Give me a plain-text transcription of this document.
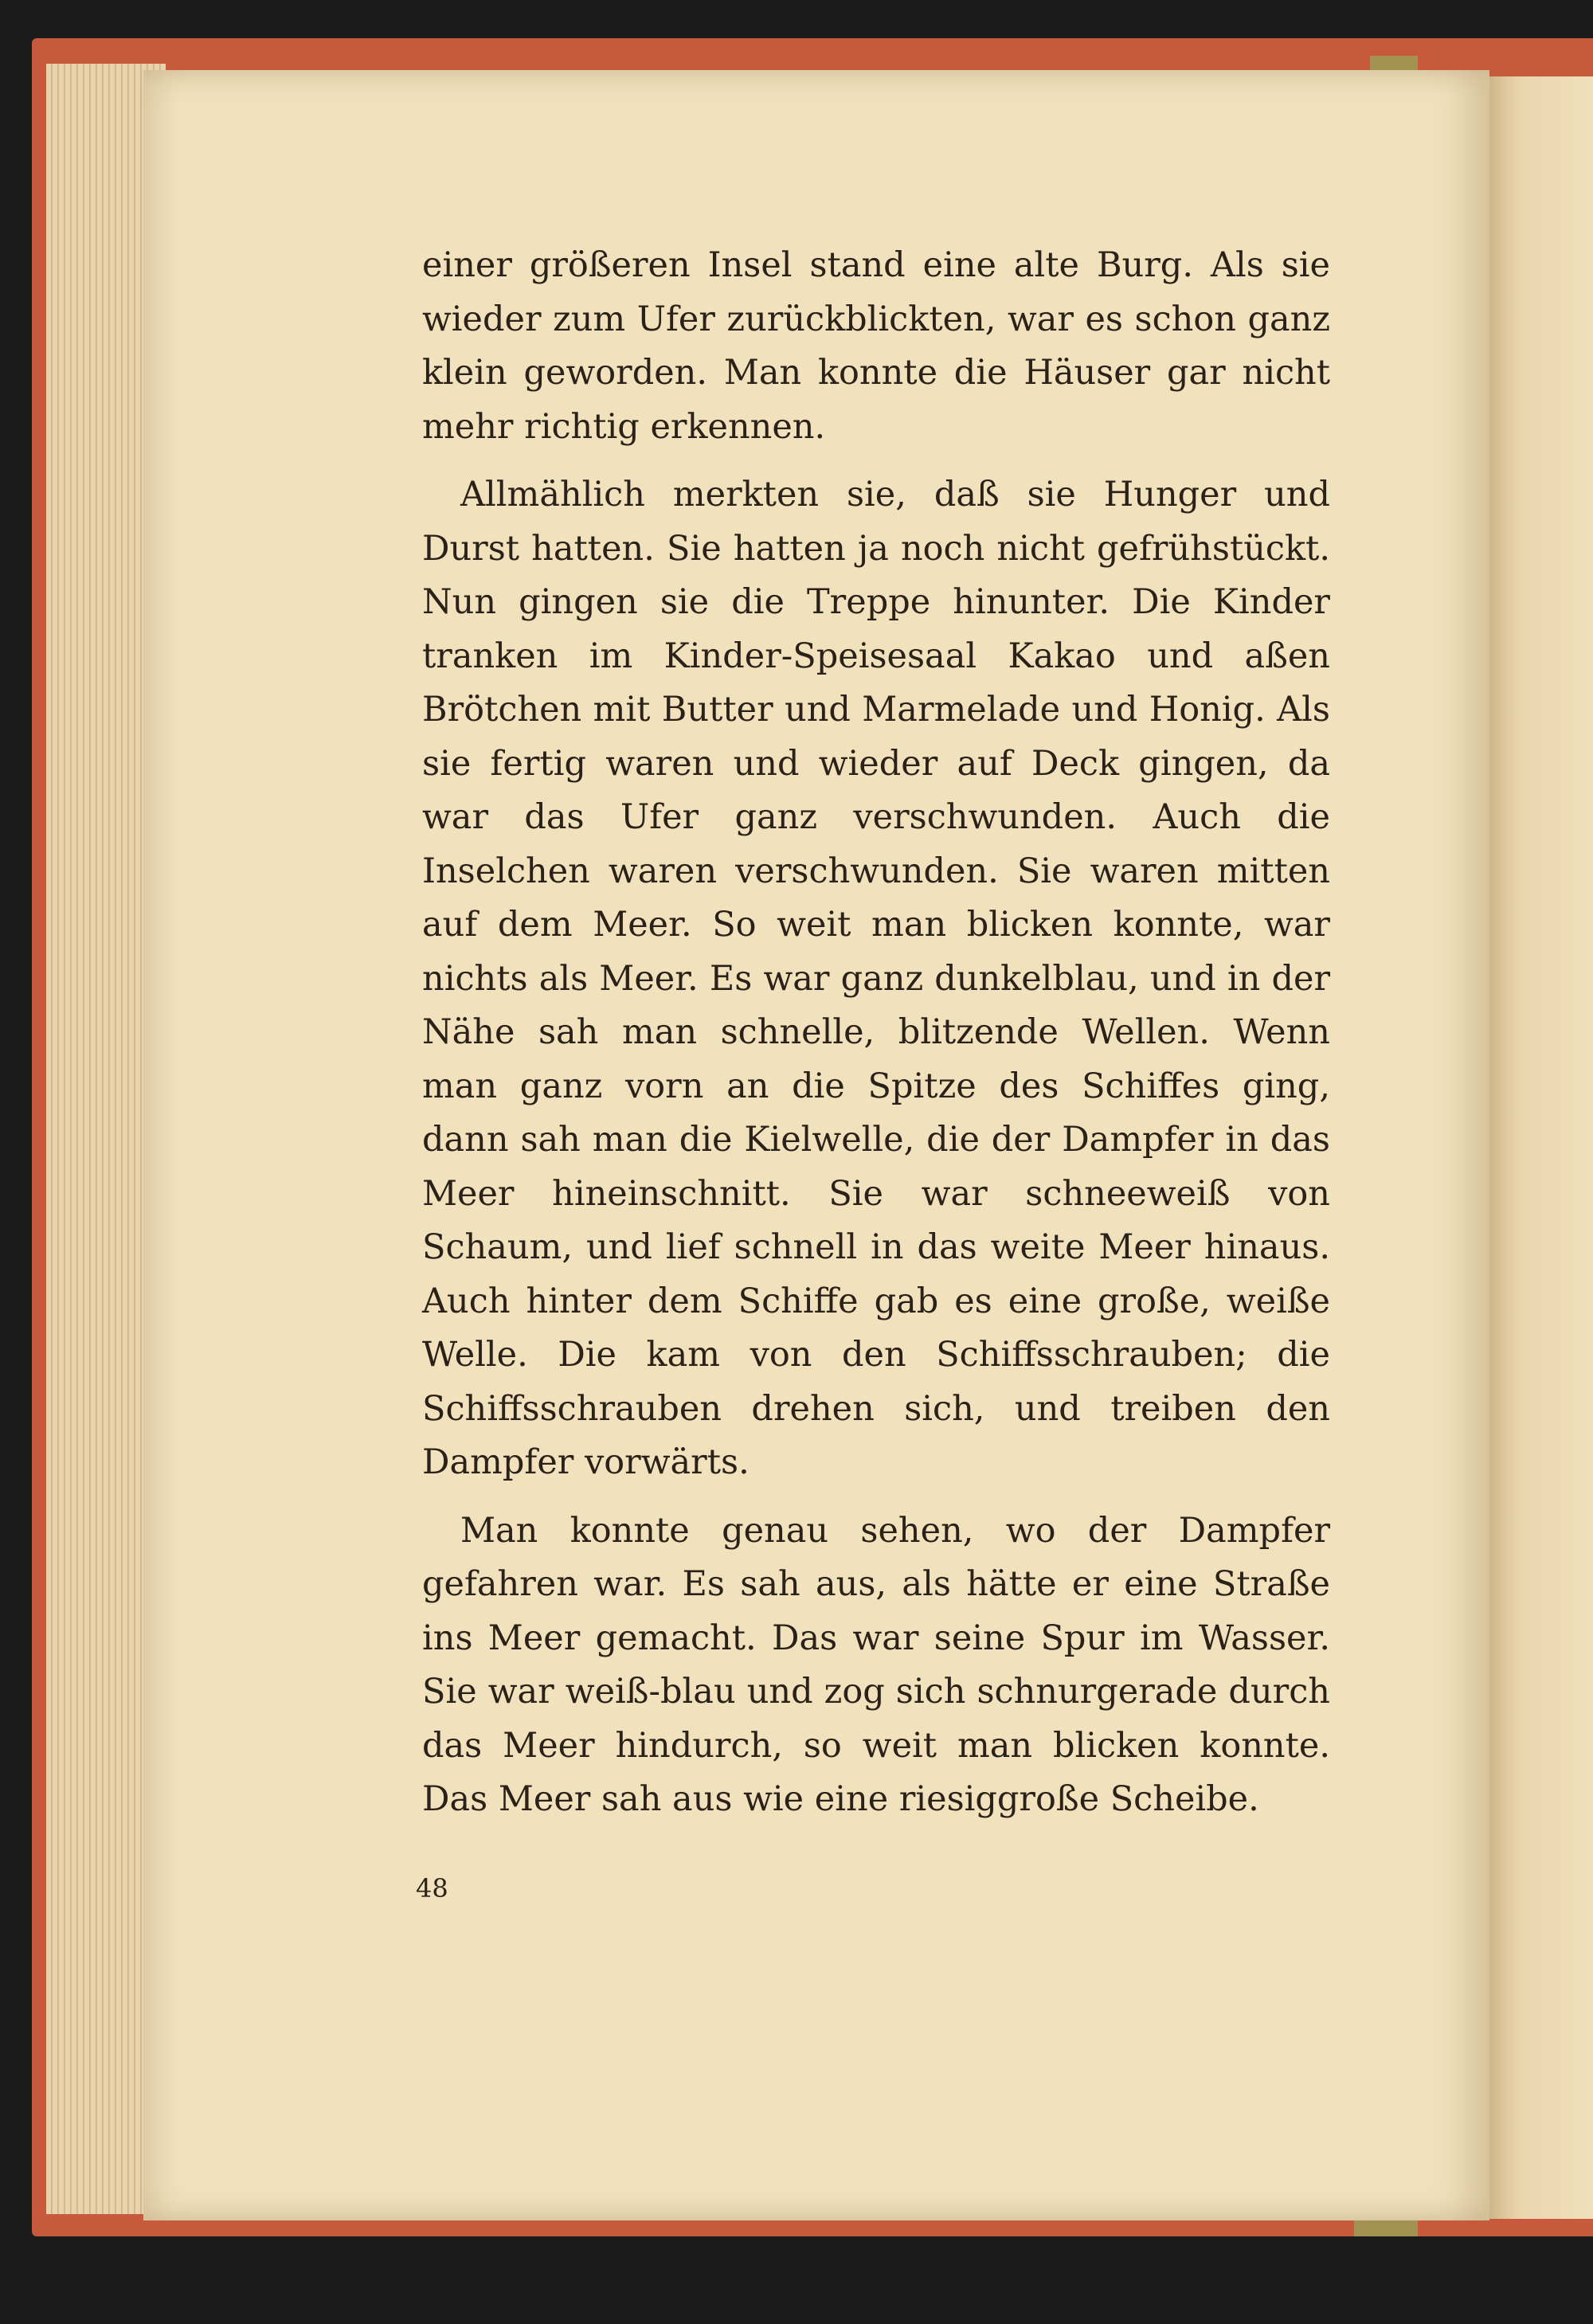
einer größeren Insel stand eine alte Burg. Als sie wieder zum Ufer zurückblickten, war es schon ganz klein geworden. Man konnte die Häuser gar nicht mehr richtig erkennen.

Allmählich merkten sie, daß sie Hunger und Durst hatten. Sie hatten ja noch nicht gefrühstückt. Nun gingen sie die Treppe hinunter. Die Kinder tranken im Kinder-Speisesaal Kakao und aßen Brötchen mit Butter und Marmelade und Honig. Als sie fertig waren und wieder auf Deck gingen, da war das Ufer ganz verschwunden. Auch die Inselchen waren verschwunden. Sie waren mitten auf dem Meer. So weit man blicken konnte, war nichts als Meer. Es war ganz dunkelblau, und in der Nähe sah man schnelle, blitzende Wellen. Wenn man ganz vorn an die Spitze des Schiffes ging, dann sah man die Kielwelle, die der Dampfer in das Meer hineinschnitt. Sie war schneeweiß von Schaum, und lief schnell in das weite Meer hinaus. Auch hinter dem Schiffe gab es eine große, weiße Welle. Die kam von den Schiffsschrauben; die Schiffsschrauben drehen sich, und treiben den Dampfer vorwärts.

Man konnte genau sehen, wo der Dampfer gefahren war. Es sah aus, als hätte er eine Straße ins Meer gemacht. Das war seine Spur im Wasser. Sie war weiß-blau und zog sich schnurgerade durch das Meer hindurch, so weit man blicken konnte. Das Meer sah aus wie eine riesiggroße Scheibe.

48
